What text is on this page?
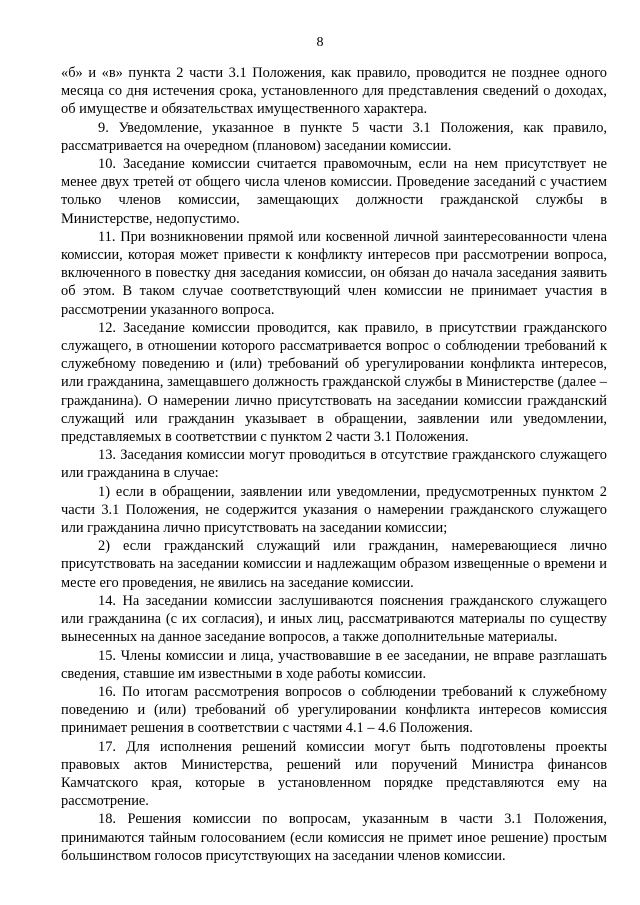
8

«б» и «в» пункта 2 части 3.1 Положения, как правило, проводится не позднее одного месяца со дня истечения срока, установленного для представления сведений о доходах, об имуществе и обязательствах имущественного характера.

9. Уведомление, указанное в пункте 5 части 3.1 Положения, как правило, рассматривается на очередном (плановом) заседании комиссии.

10. Заседание комиссии считается правомочным, если на нем присутствует не менее двух третей от общего числа членов комиссии. Проведение заседаний с участием только членов комиссии, замещающих должности гражданской службы в Министерстве, недопустимо.

11. При возникновении прямой или косвенной личной заинтересованности члена комиссии, которая может привести к конфликту интересов при рассмотрении вопроса, включенного в повестку дня заседания комиссии, он обязан до начала заседания заявить об этом. В таком случае соответствующий член комиссии не принимает участия в рассмотрении указанного вопроса.

12. Заседание комиссии проводится, как правило, в присутствии гражданского служащего, в отношении которого рассматривается вопрос о соблюдении требований к служебному поведению и (или) требований об урегулировании конфликта интересов, или гражданина, замещавшего должность гражданской службы в Министерстве (далее – гражданина). О намерении лично присутствовать на заседании комиссии гражданский служащий или гражданин указывает в обращении, заявлении или уведомлении, представляемых в соответствии с пунктом 2 части 3.1 Положения.

13. Заседания комиссии могут проводиться в отсутствие гражданского служащего или гражданина в случае:

1) если в обращении, заявлении или уведомлении, предусмотренных пунктом 2 части 3.1 Положения, не содержится указания о намерении гражданского служащего или гражданина лично присутствовать на заседании комиссии;

2) если гражданский служащий или гражданин, намеревающиеся лично присутствовать на заседании комиссии и надлежащим образом извещенные о времени и месте его проведения, не явились на заседание комиссии.

14. На заседании комиссии заслушиваются пояснения гражданского служащего или гражданина (с их согласия), и иных лиц, рассматриваются материалы по существу вынесенных на данное заседание вопросов, а также дополнительные материалы.

15. Члены комиссии и лица, участвовавшие в ее заседании, не вправе разглашать сведения, ставшие им известными в ходе работы комиссии.

16. По итогам рассмотрения вопросов о соблюдении требований к служебному поведению и (или) требований об урегулировании конфликта интересов комиссия принимает решения в соответствии с частями 4.1 – 4.6 Положения.

17. Для исполнения решений комиссии могут быть подготовлены проекты правовых актов Министерства, решений или поручений Министра финансов Камчатского края, которые в установленном порядке представляются ему на рассмотрение.

18. Решения комиссии по вопросам, указанным в части 3.1 Положения, принимаются тайным голосованием (если комиссия не примет иное решение) простым большинством голосов присутствующих на заседании членов комиссии.
